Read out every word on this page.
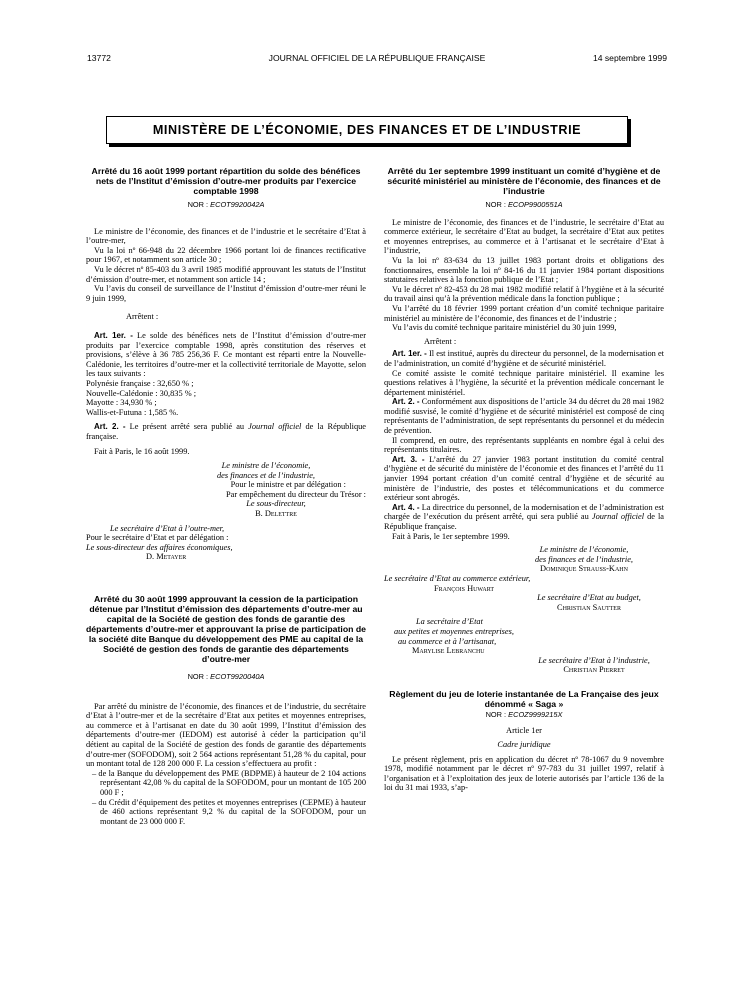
13772	JOURNAL OFFICIEL DE LA RÉPUBLIQUE FRANÇAISE	14 septembre 1999
MINISTÈRE DE L’ÉCONOMIE, DES FINANCES ET DE L’INDUSTRIE
Arrêté du 16 août 1999 portant répartition du solde des bénéfices nets de l’Institut d’émission d’outre-mer produits par l’exercice comptable 1998
NOR : ECOT9920042A

Le ministre de l’économie, des finances et de l’industrie et le secrétaire d’Etat à l’outre-mer,

Vu la loi nº 66-948 du 22 décembre 1966 portant loi de finances rectificative pour 1967, et notamment son article 30 ;

Vu le décret nº 85-403 du 3 avril 1985 modifié approuvant les statuts de l’Institut d’émission d’outre-mer, et notamment son article 14 ;

Vu l’avis du conseil de surveillance de l’Institut d’émission d’outre-mer réuni le 9 juin 1999,

Arrêtent :

Art. 1er. - Le solde des bénéfices nets de l’Institut d’émission d’outre-mer produits par l’exercice comptable 1998, après constitution des réserves et provisions, s’élève à 36 785 256,36 F. Ce montant est réparti entre la Nouvelle-Calédonie, les territoires d’outre-mer et la collectivité territoriale de Mayotte, selon les taux suivants :

Polynésie française : 32,650 % ;

Nouvelle-Calédonie : 30,835 % ;

Mayotte : 34,930 % ;

Wallis-et-Futuna : 1,585 %.

Art. 2. - Le présent arrêté sera publié au Journal officiel de la République française.

Fait à Paris, le 16 août 1999.

Le ministre de l’économie,

des finances et de l’industrie,

Pour le ministre et par délégation :

Par empêchement du directeur du Trésor :

Le sous-directeur,

B. Delettre

Le secrétaire d’Etat à l’outre-mer,

Pour le secrétaire d’Etat et par délégation :

Le sous-directeur des affaires économiques,

D. Metayer

Arrêté du 30 août 1999 approuvant la cession de la participation détenue par l’Institut d’émission des départements d’outre-mer au capital de la Société de gestion des fonds de garantie des départements d’outre-mer et approuvant la prise de participation de la société dite Banque du développement des PME au capital de la Société de gestion des fonds de garantie des départements d’outre-mer
NOR : ECOT9920040A

Par arrêté du ministre de l’économie, des finances et de l’industrie, du secrétaire d’Etat à l’outre-mer et de la secrétaire d’Etat aux petites et moyennes entreprises, au commerce et à l’artisanat en date du 30 août 1999, l’Institut d’émission des départements d’outre-mer (IEDOM) est autorisé à céder la participation qu’il détient au capital de la Société de gestion des fonds de garantie des départements d’outre-mer (SOFODOM), soit 2 564 actions représentant 51,28 % du capital, pour un montant total de 128 200 000 F. La cession s’effectuera au profit :

– de la Banque du développement des PME (BDPME) à hauteur de 2 104 actions représentant 42,08 % du capital de la SOFODOM, pour un montant de 105 200 000 F ;
– du Crédit d’équipement des petites et moyennes entreprises (CEPME) à hauteur de 460 actions représentant 9,2 % du capital de la SOFODOM, pour un montant de 23 000 000 F.
Arrêté du 1er septembre 1999 instituant un comité d’hygiène et de sécurité ministériel au ministère de l’économie, des finances et de l’industrie
NOR : ECOP9900551A

Le ministre de l’économie, des finances et de l’industrie, le secrétaire d’Etat au commerce extérieur, le secrétaire d’Etat au budget, la secrétaire d’Etat aux petites et moyennes entreprises, au commerce et à l’artisanat et le secrétaire d’Etat à l’industrie,

Vu la loi nº 83-634 du 13 juillet 1983 portant droits et obligations des fonctionnaires, ensemble la loi nº 84-16 du 11 janvier 1984 portant dispositions statutaires relatives à la fonction publique de l’Etat ;

Vu le décret nº 82-453 du 28 mai 1982 modifié relatif à l’hygiène et à la sécurité du travail ainsi qu’à la prévention médicale dans la fonction publique ;

Vu l’arrêté du 18 février 1999 portant création d’un comité technique paritaire ministériel au ministère de l’économie, des finances et de l’industrie ;

Vu l’avis du comité technique paritaire ministériel du 30 juin 1999,

Arrêtent :

Art. 1er. - Il est institué, auprès du directeur du personnel, de la modernisation et de l’administration, un comité d’hygiène et de sécurité ministériel.

Ce comité assiste le comité technique paritaire ministériel. Il examine les questions relatives à l’hygiène, la sécurité et la prévention médicale concernant le département ministériel.

Art. 2. - Conformément aux dispositions de l’article 34 du décret du 28 mai 1982 modifié susvisé, le comité d’hygiène et de sécurité ministériel est composé de cinq représentants de l’administration, de sept représentants du personnel et du médecin de prévention.

Il comprend, en outre, des représentants suppléants en nombre égal à celui des représentants titulaires.

Art. 3. - L’arrêté du 27 janvier 1983 portant institution du comité central d’hygiène et de sécurité du ministère de l’économie et des finances et l’arrêté du 11 janvier 1994 portant création d’un comité central d’hygiène et de sécurité au ministère de l’industrie, des postes et télécommunications et du commerce extérieur sont abrogés.

Art. 4. - La directrice du personnel, de la modernisation et de l’administration est chargée de l’exécution du présent arrêté, qui sera publié au Journal officiel de la République française.

Fait à Paris, le 1er septembre 1999.

Le ministre de l’économie,

des finances et de l’industrie,

Dominique Strauss-Kahn

Le secrétaire d’Etat au commerce extérieur,

François Huwart

Le secrétaire d’Etat au budget,

Christian Sautter

La secrétaire d’Etat

aux petites et moyennes entreprises,

au commerce et à l’artisanat,

Marylise Lebranchu

Le secrétaire d’Etat à l’industrie,

Christian Pierret

Règlement du jeu de loterie instantanée de La Française des jeux dénommé « Saga »
NOR : ECOZ9999215X

Article 1er

Cadre juridique

Le présent règlement, pris en application du décret nº 78-1067 du 9 novembre 1978, modifié notamment par le décret nº 97-783 du 31 juillet 1997, relatif à l’organisation et à l’exploitation des jeux de loterie autorisés par l’article 136 de la loi du 31 mai 1933, s’ap-
